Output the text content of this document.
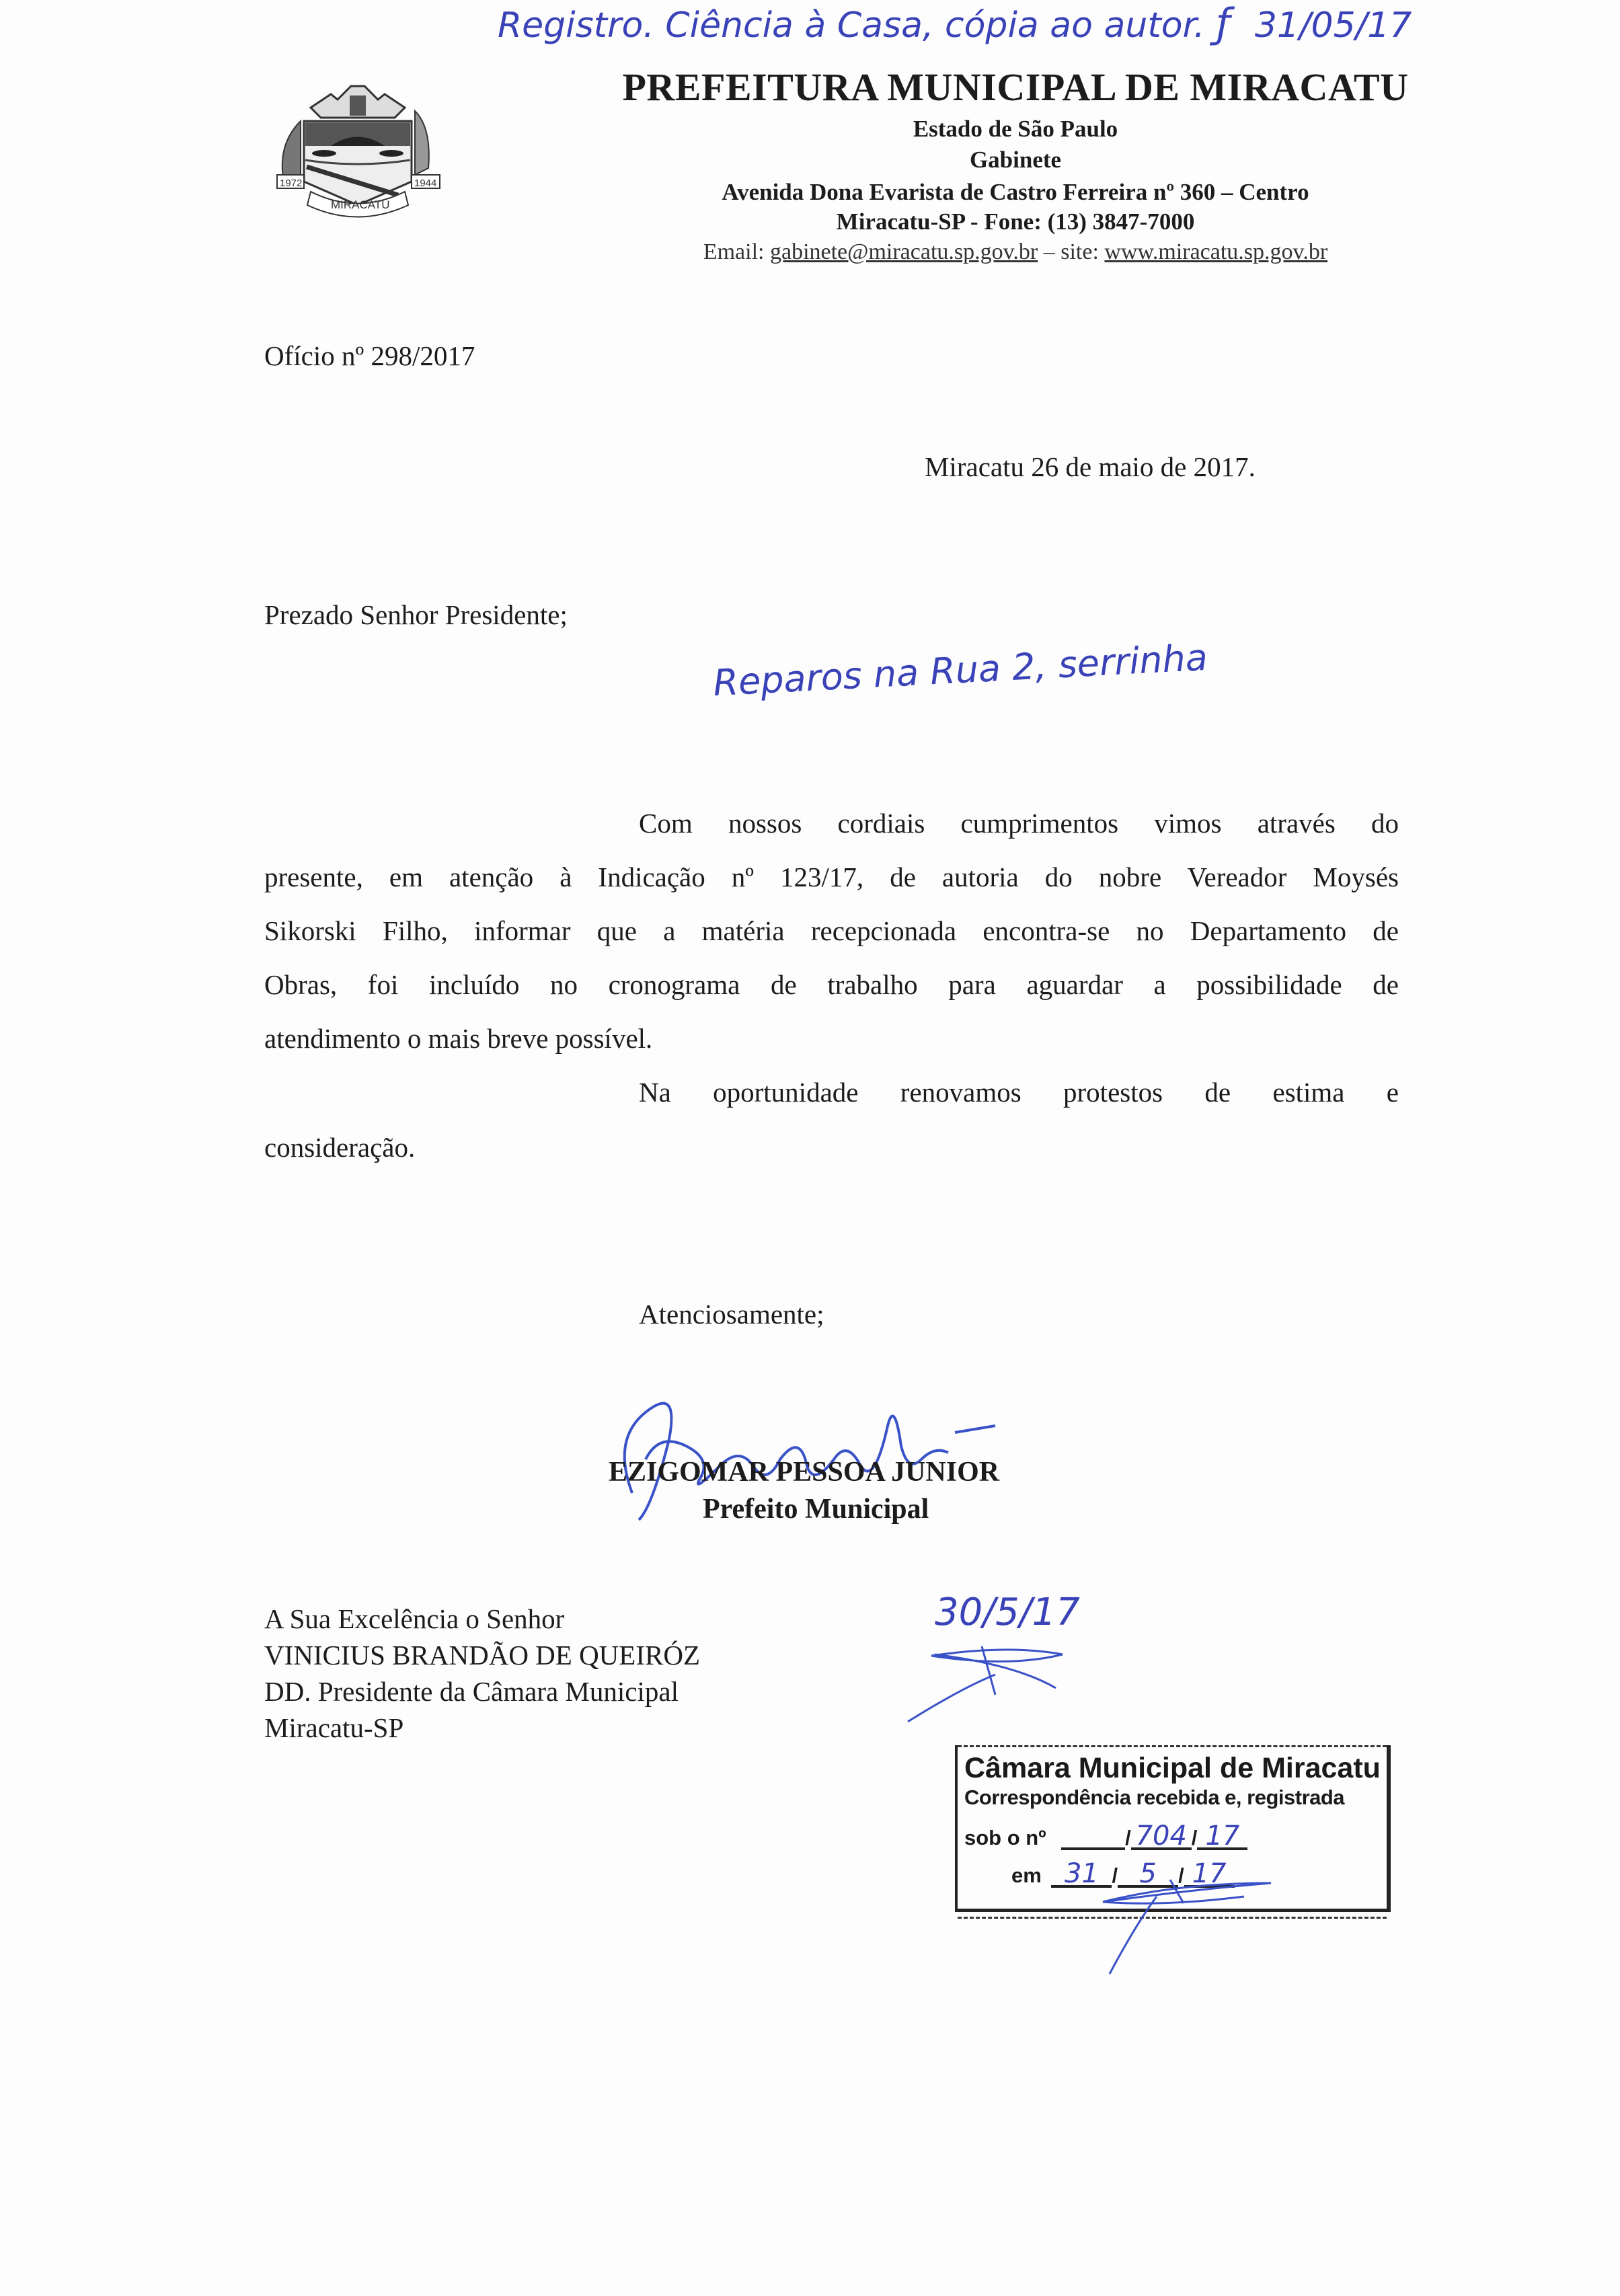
Registro. Ciência à Casa, cópia ao autor. ƒ 31/05/17
1972	1944
MIRACATU
PREFEITURA MUNICIPAL DE MIRACATU
Estado de São Paulo
Gabinete
Avenida Dona Evarista de Castro Ferreira nº 360 – Centro
Miracatu-SP - Fone: (13) 3847-7000
Email: gabinete@miracatu.sp.gov.br – site: www.miracatu.sp.gov.br
Ofício nº 298/2017
Miracatu 26 de maio de 2017.
Prezado Senhor Presidente;
Reparos na Rua 2, serrinha
Com nossos cordiais cumprimentos vimos através do
presente, em atenção à Indicação nº 123/17, de autoria do nobre Vereador Moysés
Sikorski Filho, informar que a matéria recepcionada encontra-se no Departamento de
Obras, foi incluído no cronograma de trabalho para aguardar a possibilidade de
atendimento o mais breve possível.
Na oportunidade renovamos protestos de estima e
consideração.
Atenciosamente;
EZIGOMAR PESSOA JUNIOR
Prefeito Municipal
A Sua Excelência o Senhor
VINICIUS BRANDÃO DE QUEIRÓZ
DD. Presidente da Câmara Municipal
Miracatu-SP
30/5/17
Câmara Municipal de Miracatu
Correspondência recebida e, registrada
sob o nº	/ 704 / 17
em 31 / 5 / 17
